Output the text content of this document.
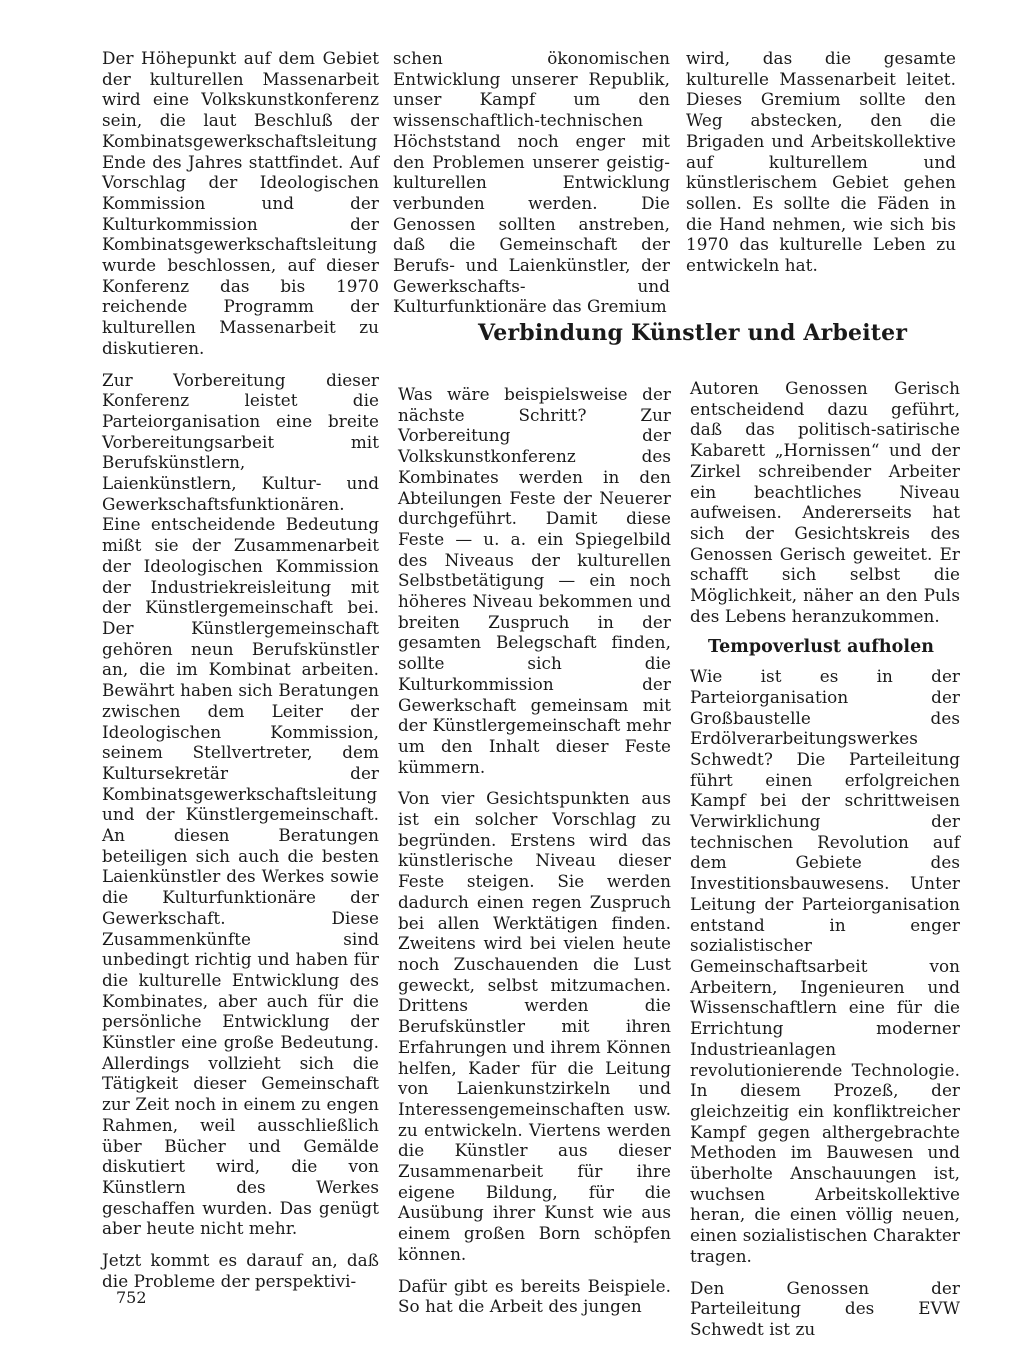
Der Höhepunkt auf dem Gebiet der kulturellen Massenarbeit wird eine Volkskunstkonferenz sein, die laut Beschluß der Kombinatsgewerkschaftsleitung Ende des Jahres stattfindet. Auf Vorschlag der Ideologischen Kommission und der Kulturkommission der Kombinatsgewerkschaftsleitung wurde beschlossen, auf dieser Konferenz das bis 1970 reichende Programm der kulturellen Massenarbeit zu diskutieren.

Zur Vorbereitung dieser Konferenz leistet die Parteiorganisation eine breite Vorbereitungsarbeit mit Berufskünstlern, Laienkünstlern, Kultur- und Gewerkschaftsfunktionären. Eine entscheidende Bedeutung mißt sie der Zusammenarbeit der Ideologischen Kommission der Industriekreisleitung mit der Künstlergemeinschaft bei. Der Künstlergemeinschaft gehören neun Berufskünstler an, die im Kombinat arbeiten. Bewährt haben sich Beratungen zwischen dem Leiter der Ideologischen Kommission, seinem Stellvertreter, dem Kultursekretär der Kombinatsgewerkschaftsleitung und der Künstlergemeinschaft. An diesen Beratungen beteiligen sich auch die besten Laienkünstler des Werkes sowie die Kulturfunktionäre der Gewerkschaft. Diese Zusammenkünfte sind unbedingt richtig und haben für die kulturelle Entwicklung des Kombinates, aber auch für die persönliche Entwicklung der Künstler eine große Bedeutung. Allerdings vollzieht sich die Tätigkeit dieser Gemeinschaft zur Zeit noch in einem zu engen Rahmen, weil ausschließlich über Bücher und Gemälde diskutiert wird, die von Künstlern des Werkes geschaffen wurden. Das genügt aber heute nicht mehr.

Jetzt kommt es darauf an, daß die Probleme der perspektivi-

schen ökonomischen Entwicklung unserer Republik, unser Kampf um den wissenschaftlich-technischen Höchststand noch enger mit den Problemen unserer geistig-kulturellen Entwicklung verbunden werden. Die Genossen sollten anstreben, daß die Gemeinschaft der Berufs- und Laienkünstler, der Gewerkschafts- und Kulturfunktionäre das Gremium

wird, das die gesamte kulturelle Massenarbeit leitet. Dieses Gremium sollte den Weg abstecken, den die Brigaden und Arbeitskollektive auf kulturellem und künstlerischem Gebiet gehen sollen. Es sollte die Fäden in die Hand nehmen, wie sich bis 1970 das kulturelle Leben zu entwickeln hat.

Verbindung Künstler und Arbeiter

Was wäre beispielsweise der nächste Schritt? Zur Vorbereitung der Volkskunstkonferenz des Kombinates werden in den Abteilungen Feste der Neuerer durchgeführt. Damit diese Feste — u. a. ein Spiegelbild des Niveaus der kulturellen Selbstbetätigung — ein noch höheres Niveau bekommen und breiten Zuspruch in der gesamten Belegschaft finden, sollte sich die Kulturkommission der Gewerkschaft gemeinsam mit der Künstlergemeinschaft mehr um den Inhalt dieser Feste kümmern.

Von vier Gesichtspunkten aus ist ein solcher Vorschlag zu begründen. Erstens wird das künstlerische Niveau dieser Feste steigen. Sie werden dadurch einen regen Zuspruch bei allen Werktätigen finden. Zweitens wird bei vielen heute noch Zuschauenden die Lust geweckt, selbst mitzumachen. Drittens werden die Berufskünstler mit ihren Erfahrungen und ihrem Können helfen, Kader für die Leitung von Laienkunstzirkeln und Interessengemeinschaften usw. zu entwickeln. Viertens werden die Künstler aus dieser Zusammenarbeit für ihre eigene Bildung, für die Ausübung ihrer Kunst wie aus einem großen Born schöpfen können.

Dafür gibt es bereits Beispiele. So hat die Arbeit des jungen

Autoren Genossen Gerisch entscheidend dazu geführt, daß das politisch-satirische Kabarett „Hornissen“ und der Zirkel schreibender Arbeiter ein beachtliches Niveau aufweisen. Andererseits hat sich der Gesichtskreis des Genossen Gerisch geweitet. Er schafft sich selbst die Möglichkeit, näher an den Puls des Lebens heranzukommen.

Tempoverlust aufholen

Wie ist es in der Parteiorganisation der Großbaustelle des Erdölverarbeitungswerkes Schwedt? Die Parteileitung führt einen erfolgreichen Kampf bei der schrittweisen Verwirklichung der technischen Revolution auf dem Gebiete des Investitionsbauwesens. Unter Leitung der Parteiorganisation entstand in enger sozialistischer Gemeinschaftsarbeit von Arbeitern, Ingenieuren und Wissenschaftlern eine für die Errichtung moderner Industrieanlagen revolutionierende Technologie. In diesem Prozeß, der gleichzeitig ein konfliktreicher Kampf gegen althergebrachte Methoden im Bauwesen und überholte Anschauungen ist, wuchsen Arbeitskollektive heran, die einen völlig neuen, einen sozialistischen Charakter tragen.

Den Genossen der Parteileitung des EVW Schwedt ist zu

752
